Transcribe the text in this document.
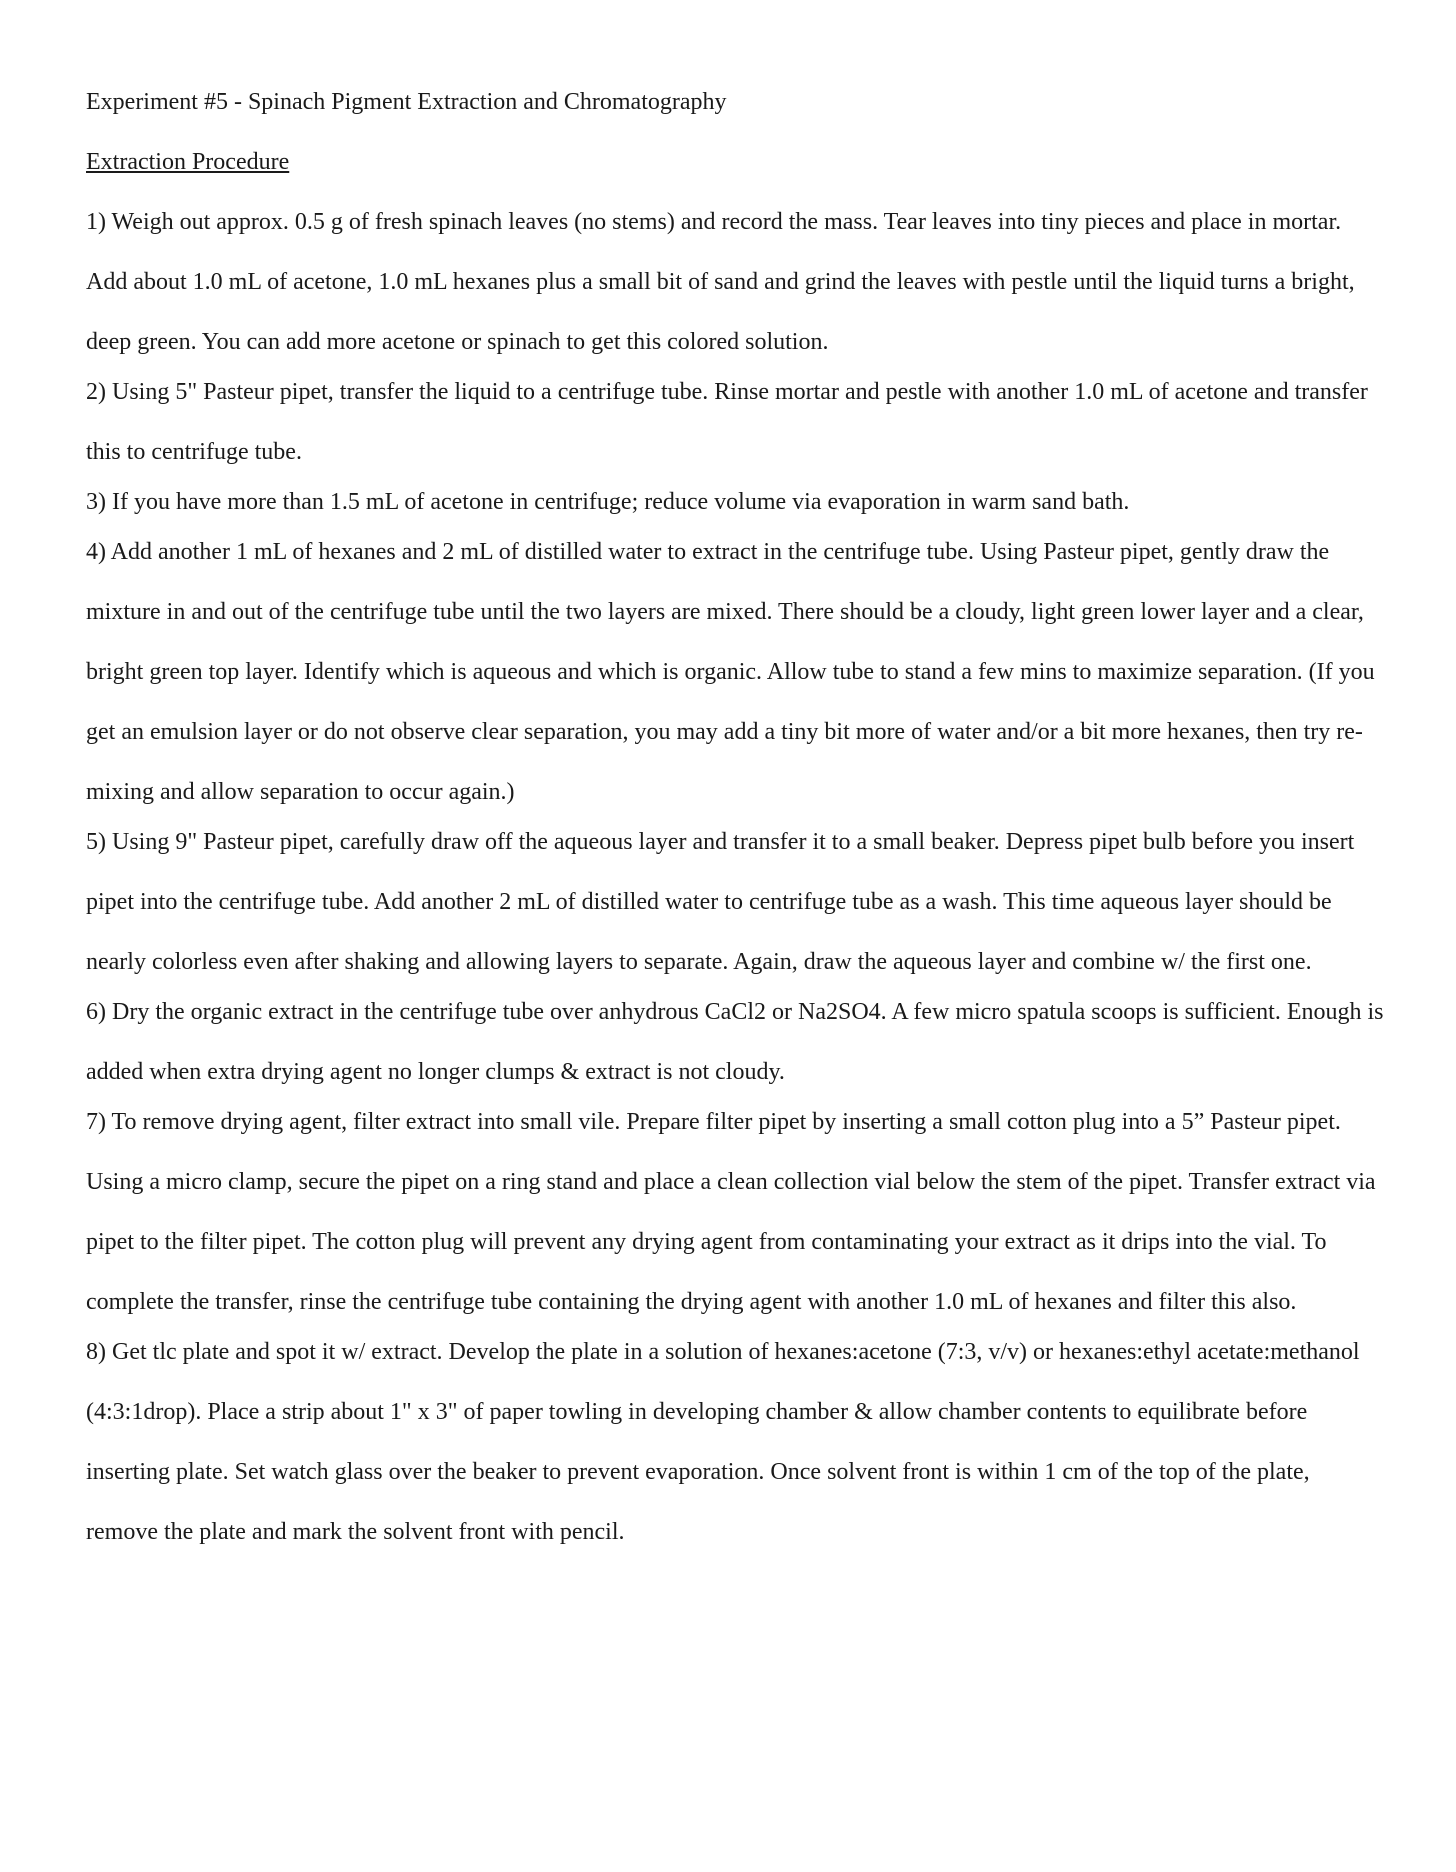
Experiment #5 - Spinach Pigment Extraction and Chromatography

Extraction Procedure

1) Weigh out approx. 0.5 g of fresh spinach leaves (no stems) and record the mass. Tear leaves into tiny pieces and place in mortar. Add about 1.0 mL of acetone, 1.0 mL hexanes plus a small bit of sand and grind the leaves with pestle until the liquid turns a bright, deep green. You can add more acetone or spinach to get this colored solution.

2) Using 5" Pasteur pipet, transfer the liquid to a centrifuge tube. Rinse mortar and pestle with another 1.0 mL of acetone and transfer this to centrifuge tube.

3) If you have more than 1.5 mL of acetone in centrifuge; reduce volume via evaporation in warm sand bath.

4) Add another 1 mL of hexanes and 2 mL of distilled water to extract in the centrifuge tube. Using Pasteur pipet, gently draw the mixture in and out of the centrifuge tube until the two layers are mixed. There should be a cloudy, light green lower layer and a clear, bright green top layer. Identify which is aqueous and which is organic. Allow tube to stand a few mins to maximize separation. (If you get an emulsion layer or do not observe clear separation, you may add a tiny bit more of water and/or a bit more hexanes, then try re-mixing and allow separation to occur again.)

5) Using 9" Pasteur pipet, carefully draw off the aqueous layer and transfer it to a small beaker. Depress pipet bulb before you insert pipet into the centrifuge tube. Add another 2 mL of distilled water to centrifuge tube as a wash. This time aqueous layer should be nearly colorless even after shaking and allowing layers to separate. Again, draw the aqueous layer and combine w/ the first one.

6) Dry the organic extract in the centrifuge tube over anhydrous CaCl2 or Na2SO4. A few micro spatula scoops is sufficient. Enough is added when extra drying agent no longer clumps & extract is not cloudy.

7) To remove drying agent, filter extract into small vile. Prepare filter pipet by inserting a small cotton plug into a 5” Pasteur pipet. Using a micro clamp, secure the pipet on a ring stand and place a clean collection vial below the stem of the pipet. Transfer extract via pipet to the filter pipet. The cotton plug will prevent any drying agent from contaminating your extract as it drips into the vial. To complete the transfer, rinse the centrifuge tube containing the drying agent with another 1.0 mL of hexanes and filter this also.

8) Get tlc plate and spot it w/ extract. Develop the plate in a solution of hexanes:acetone (7:3, v/v) or hexanes:ethyl acetate:methanol (4:3:1drop). Place a strip about 1" x 3" of paper towling in developing chamber & allow chamber contents to equilibrate before inserting plate. Set watch glass over the beaker to prevent evaporation. Once solvent front is within 1 cm of the top of the plate, remove the plate and mark the solvent front with pencil.
